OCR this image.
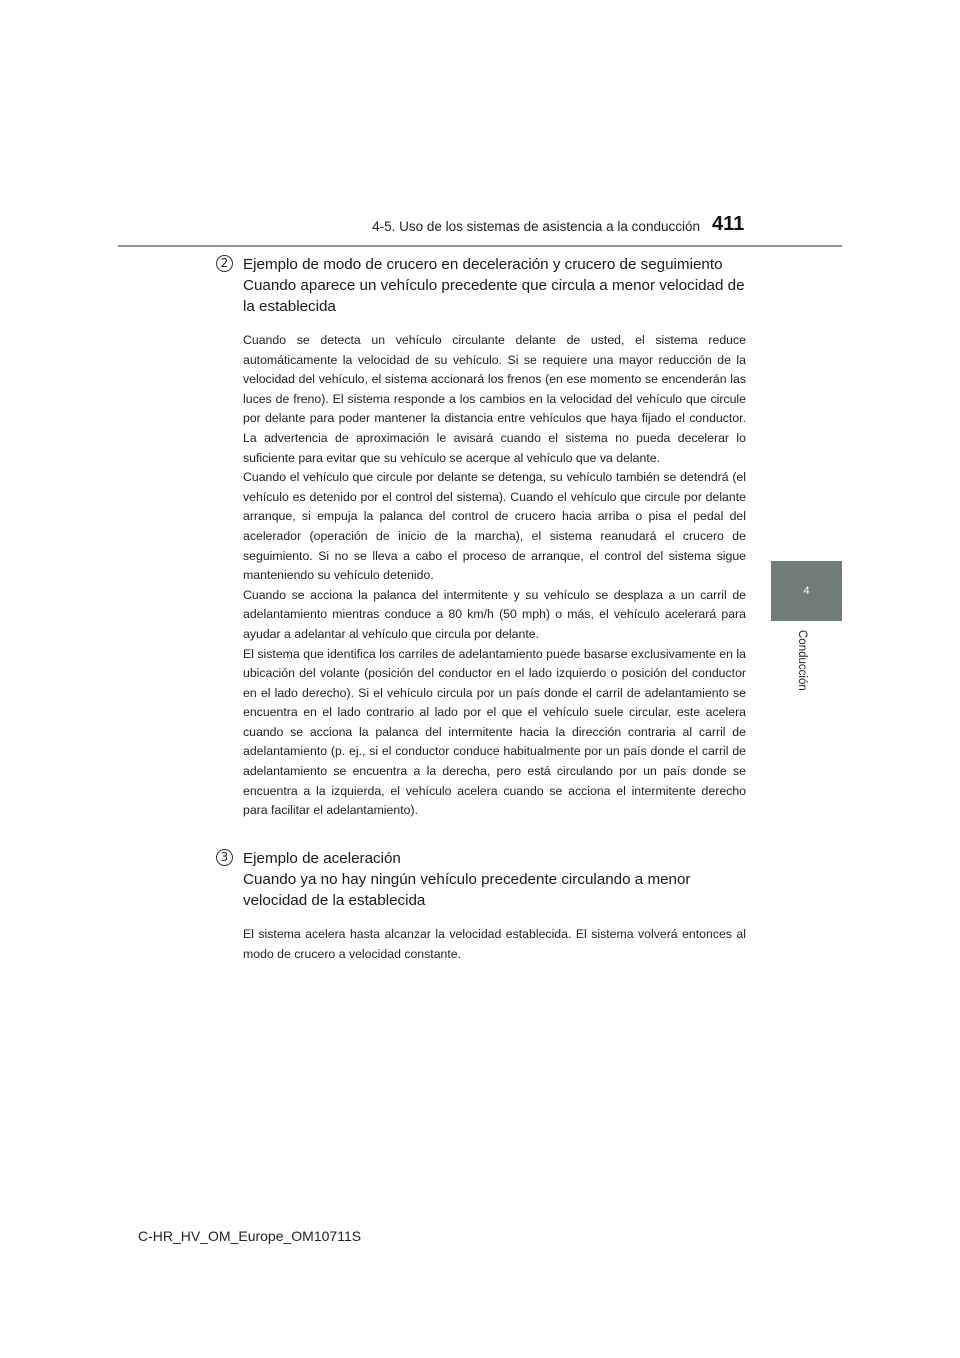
4-5. Uso de los sistemas de asistencia a la conducción 411
4
Conducción
2 Ejemplo de modo de crucero en deceleración y crucero de seguimiento
Cuando aparece un vehículo precedente que circula a menor velocidad de la establecida

Cuando se detecta un vehículo circulante delante de usted, el sistema reduce automáticamente la velocidad de su vehículo. Si se requiere una mayor reducción de la velocidad del vehículo, el sistema accionará los frenos (en ese momento se encenderán las luces de freno). El sistema responde a los cambios en la velocidad del vehículo que circule por delante para poder mantener la distancia entre vehículos que haya fijado el conductor. La advertencia de aproximación le avisará cuando el sistema no pueda decelerar lo suficiente para evitar que su vehículo se acerque al vehículo que va delante.

Cuando el vehículo que circule por delante se detenga, su vehículo también se detendrá (el vehículo es detenido por el control del sistema). Cuando el vehículo que circule por delante arranque, si empuja la palanca del control de crucero hacia arriba o pisa el pedal del acelerador (operación de inicio de la marcha), el sistema reanudará el crucero de seguimiento. Si no se lleva a cabo el proceso de arranque, el control del sistema sigue manteniendo su vehículo detenido.

Cuando se acciona la palanca del intermitente y su vehículo se desplaza a un carril de adelantamiento mientras conduce a 80 km/h (50 mph) o más, el vehículo acelerará para ayudar a adelantar al vehículo que circula por delante.

El sistema que identifica los carriles de adelantamiento puede basarse exclusivamente en la ubicación del volante (posición del conductor en el lado izquierdo o posición del conductor en el lado derecho). Si el vehículo circula por un país donde el carril de adelantamiento se encuentra en el lado contrario al lado por el que el vehículo suele circular, este acelera cuando se acciona la palanca del intermitente hacia la dirección contraria al carril de adelantamiento (p. ej., si el conductor conduce habitualmente por un país donde el carril de adelantamiento se encuentra a la derecha, pero está circulando por un país donde se encuentra a la izquierda, el vehículo acelera cuando se acciona el intermitente derecho para facilitar el adelantamiento).

3 Ejemplo de aceleración
Cuando ya no hay ningún vehículo precedente circulando a menor velocidad de la establecida

El sistema acelera hasta alcanzar la velocidad establecida. El sistema volverá entonces al modo de crucero a velocidad constante.

C-HR_HV_OM_Europe_OM10711S
